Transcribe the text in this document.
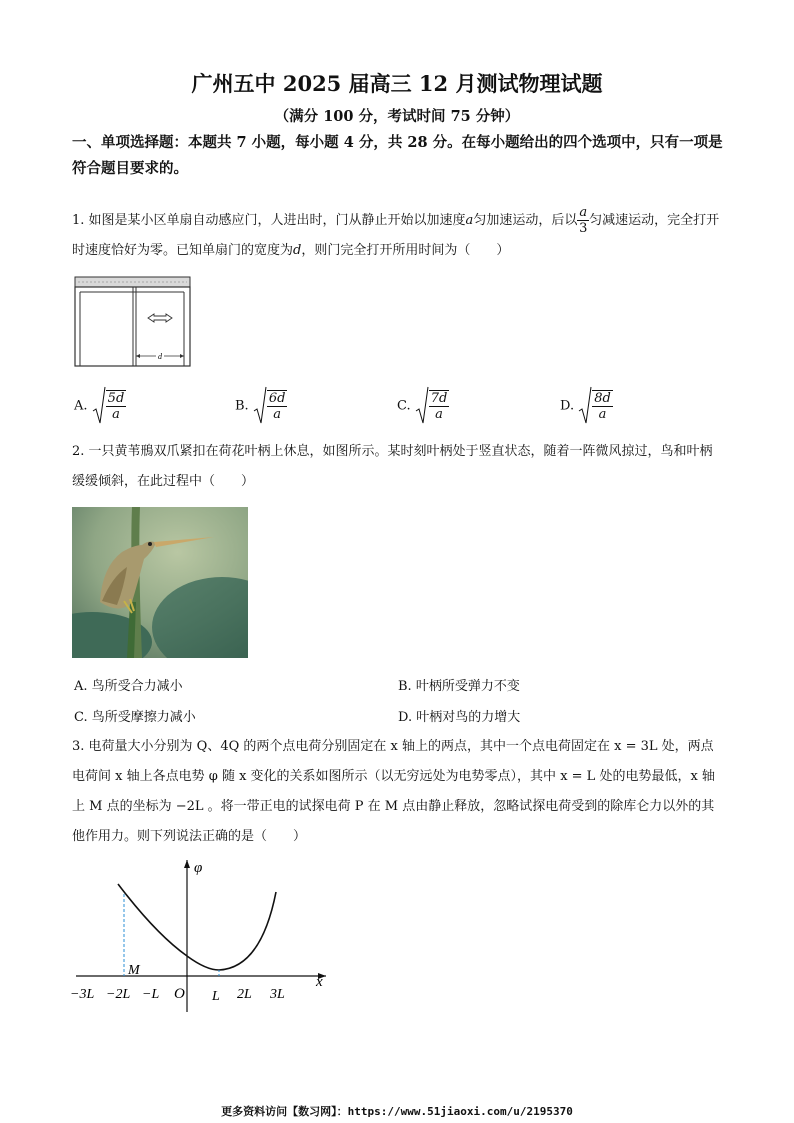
广州五中 2025 届高三 12 月测试物理试题
（满分 100 分，考试时间 75 分钟）
一、单项选择题：本题共 7 小题，每小题 4 分，共 28 分。在每小题给出的四个选项中，只有一项是符合题目要求的。
1. 如图是某小区单扇自动感应门，人进出时，门从静止开始以加速度a匀加速运动，后以 $\frac{a}{3}$ 匀减速运动，完全打开时速度恰好为零。已知单扇门的宽度为d，则门完全打开所用时间为（　　）
d
A. $\frac{5d}{a}$	B. $\frac{6d}{a}$	C. $\frac{7d}{a}$	D. $\frac{8d}{a}$
2. 一只黄苇鳽双爪紧扣在荷花叶柄上休息，如图所示。某时刻叶柄处于竖直状态，随着一阵微风掠过，鸟和叶柄缓缓倾斜，在此过程中（　　）
A. 鸟所受合力减小	B. 叶柄所受弹力不变
C. 鸟所受摩擦力减小	D. 叶柄对鸟的力增大
3. 电荷量大小分别为 Q、4Q 的两个点电荷分别固定在 x 轴上的两点，其中一个点电荷固定在 x = 3L 处，两点电荷间 x 轴上各点电势 φ 随 x 变化的关系如图所示（以无穷远处为电势零点），其中 x = L 处的电势最低，x 轴上 M 点的坐标为 −2L 。将一带正电的试探电荷 P 在 M 点由静止释放，忽略试探电荷受到的除库仑力以外的其他作用力。则下列说法正确的是（　　）
φ
x
M
O
−3L −2L −L	L 2L 3L
更多资料访问【数习网】：https://www.51jiaoxi.com/u/2195370
